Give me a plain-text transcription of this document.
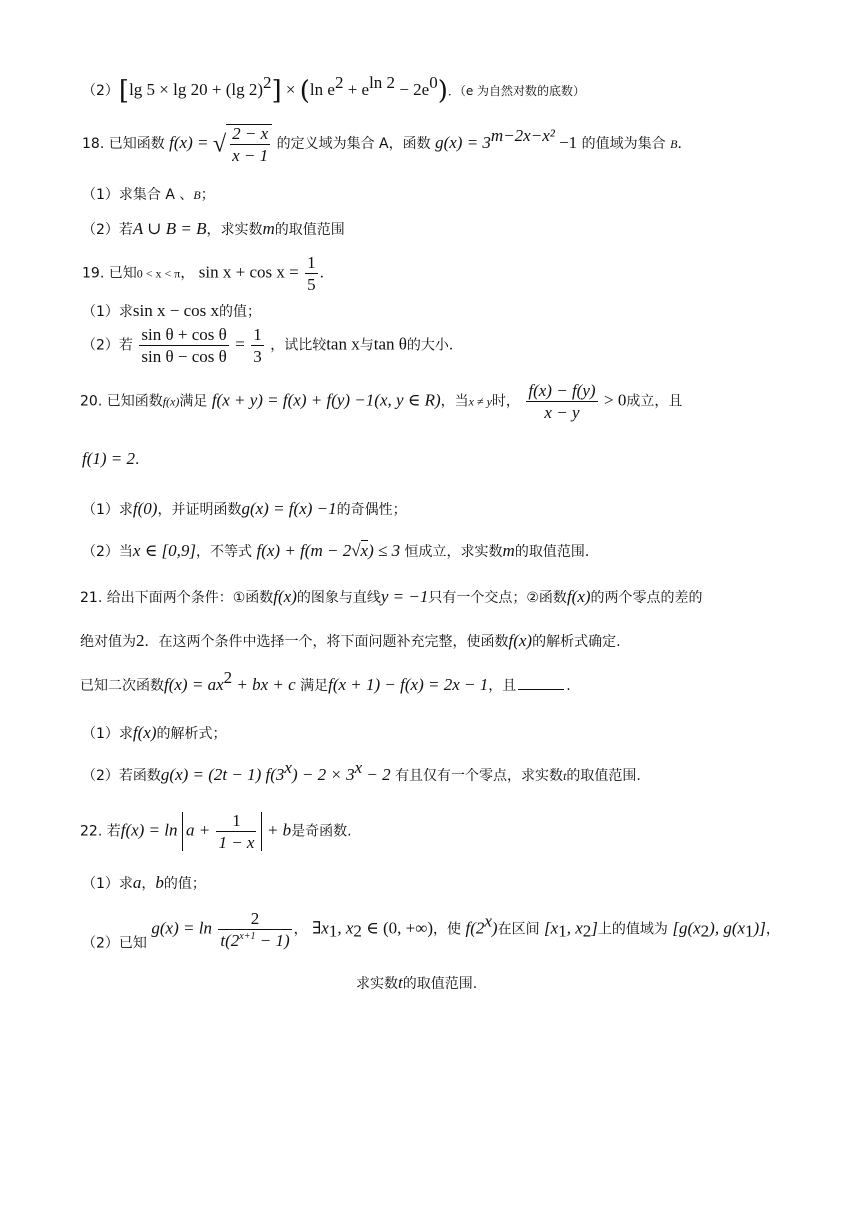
（2）[lg 5 × lg 20 + (lg 2)$^2$] × (ln $e^2 + e^{ln 2} - 2e^0$)．（e 为自然对数的底数）
18. 已知函数 f(x) = √ $\frac{2 - x}{x - 1}$ 的定义域为集合 A，函数 $g(x) = 3^{m-2x-x^2} -1$ 的值域为集合 B．
（1）求集合 A 、B；
（2）若A ∪ B = B，求实数m的取值范围
19. 已知0 < x < π， $\sin x + \cos x = \frac{1}{5}$ ．
（1）求sin x − cos x的值；
（2）若 $\frac{\text{sin θ + cos θ}}{\text{sin θ − cos θ}} = \frac{1}{3}$ ，试比较tan x与tan θ的大小．
20. 已知函数f(x)满足 f(x + y) = f(x) + f(y) −1(x, y ∈ R)，当x ≠ y时， $\frac{f(x) - f(y)}{x - y} > 0$成立，且
f(1) = 2．
（1）求f(0)，并证明函数g(x) = f(x) −1的奇偶性；
（2）当x ∈ [0,9]，不等式 f(x) + f(m − 2√x) ≤ 3 恒成立，求实数m的取值范围．
21. 给出下面两个条件：①函数f(x)的图象与直线y = −1只有一个交点；②函数f(x)的两个零点的差的
绝对值为2．在这两个条件中选择一个，将下面问题补充完整，使函数f(x)的解析式确定.
已知二次函数$f(x) = ax^2$ + bx + c 满足f(x + 1) − f(x) = 2x − 1，且	.
（1）求f(x)的解析式；
（2）若函数g(x) = (2t − 1) $f(3^x) - 2 \times 3^x - 2$ 有且仅有一个零点，求实数t的取值范围.
22. 若$f(x) = \ln a + \frac{1}{1 - x} + b$是奇函数.
（1）求a，b的值；
（2）已知 $g(x) = \ln \frac{2}{t(2^{x+1} - 1)}$ ， $\exists x_1$, $x_2$ ∈ (0, +∞)，使 f(2$^x$)在区间 [$x_1$, $x_2$]上的值域为 [$g(x_2)$, $g(x_1)$]，
求实数t的取值范围.
